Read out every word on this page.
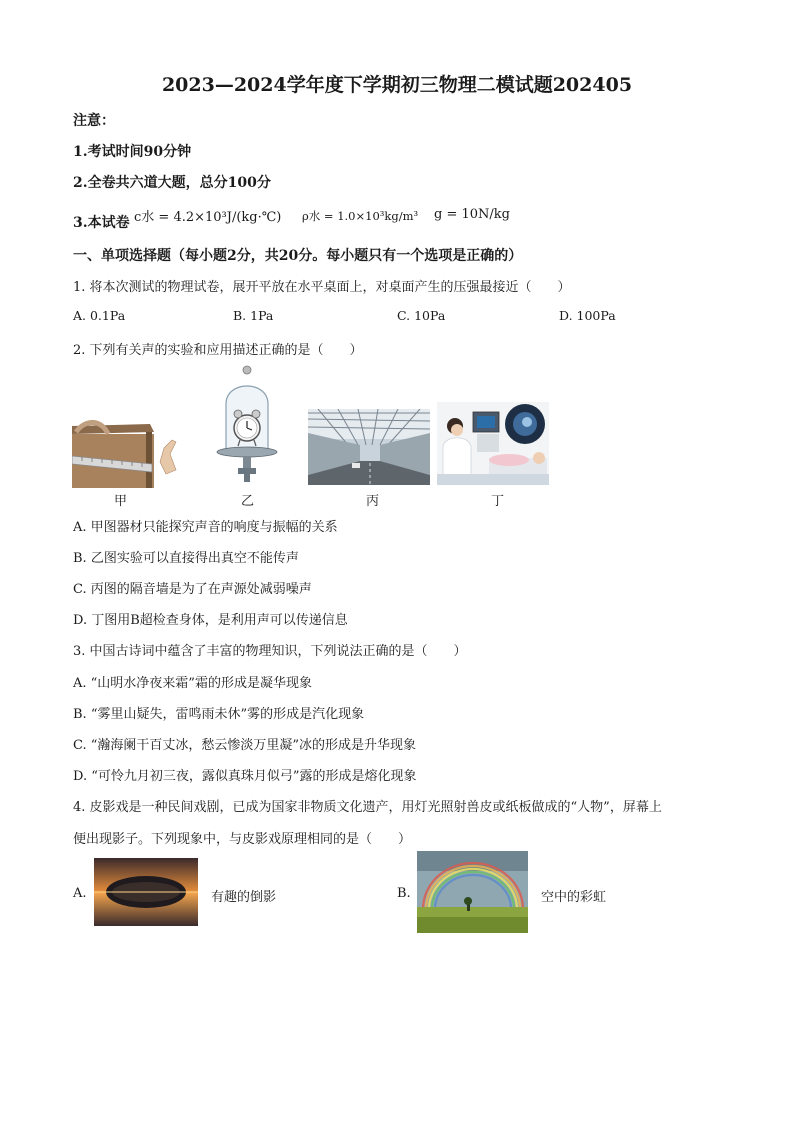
2023—2024学年度下学期初三物理二模试题202405
注意：
1.考试时间90分钟
2.全卷共六道大题，总分100分
3.本试卷 c水 = 4.2×10³J/(kg·℃) ρ水 = 1.0×10³kg/m³ g = 10N/kg
一、单项选择题（每小题2分，共20分。每小题只有一个选项是正确的）
1. 将本次测试的物理试卷，展开平放在水平桌面上，对桌面产生的压强最接近（　　）
A. 0.1Pa	B. 1Pa	C. 10Pa	D. 100Pa
2. 下列有关声的实验和应用描述正确的是（　　）
甲	乙	丙	丁
A. 甲图器材只能探究声音的响度与振幅的关系
B. 乙图实验可以直接得出真空不能传声
C. 丙图的隔音墙是为了在声源处减弱噪声
D. 丁图用B超检查身体，是利用声可以传递信息
3. 中国古诗词中蕴含了丰富的物理知识，下列说法正确的是（　　）
A. “山明水净夜来霜”霜的形成是凝华现象
B. “雾里山疑失，雷鸣雨未休”雾的形成是汽化现象
C. “瀚海阑干百丈冰，愁云惨淡万里凝”冰的形成是升华现象
D. “可怜九月初三夜，露似真珠月似弓”露的形成是熔化现象
4. 皮影戏是一种民间戏剧，已成为国家非物质文化遗产，用灯光照射兽皮或纸板做成的“人物”，屏幕上
便出现影子。下列现象中，与皮影戏原理相同的是（　　）
A.	有趣的倒影	B.	空中的彩虹
